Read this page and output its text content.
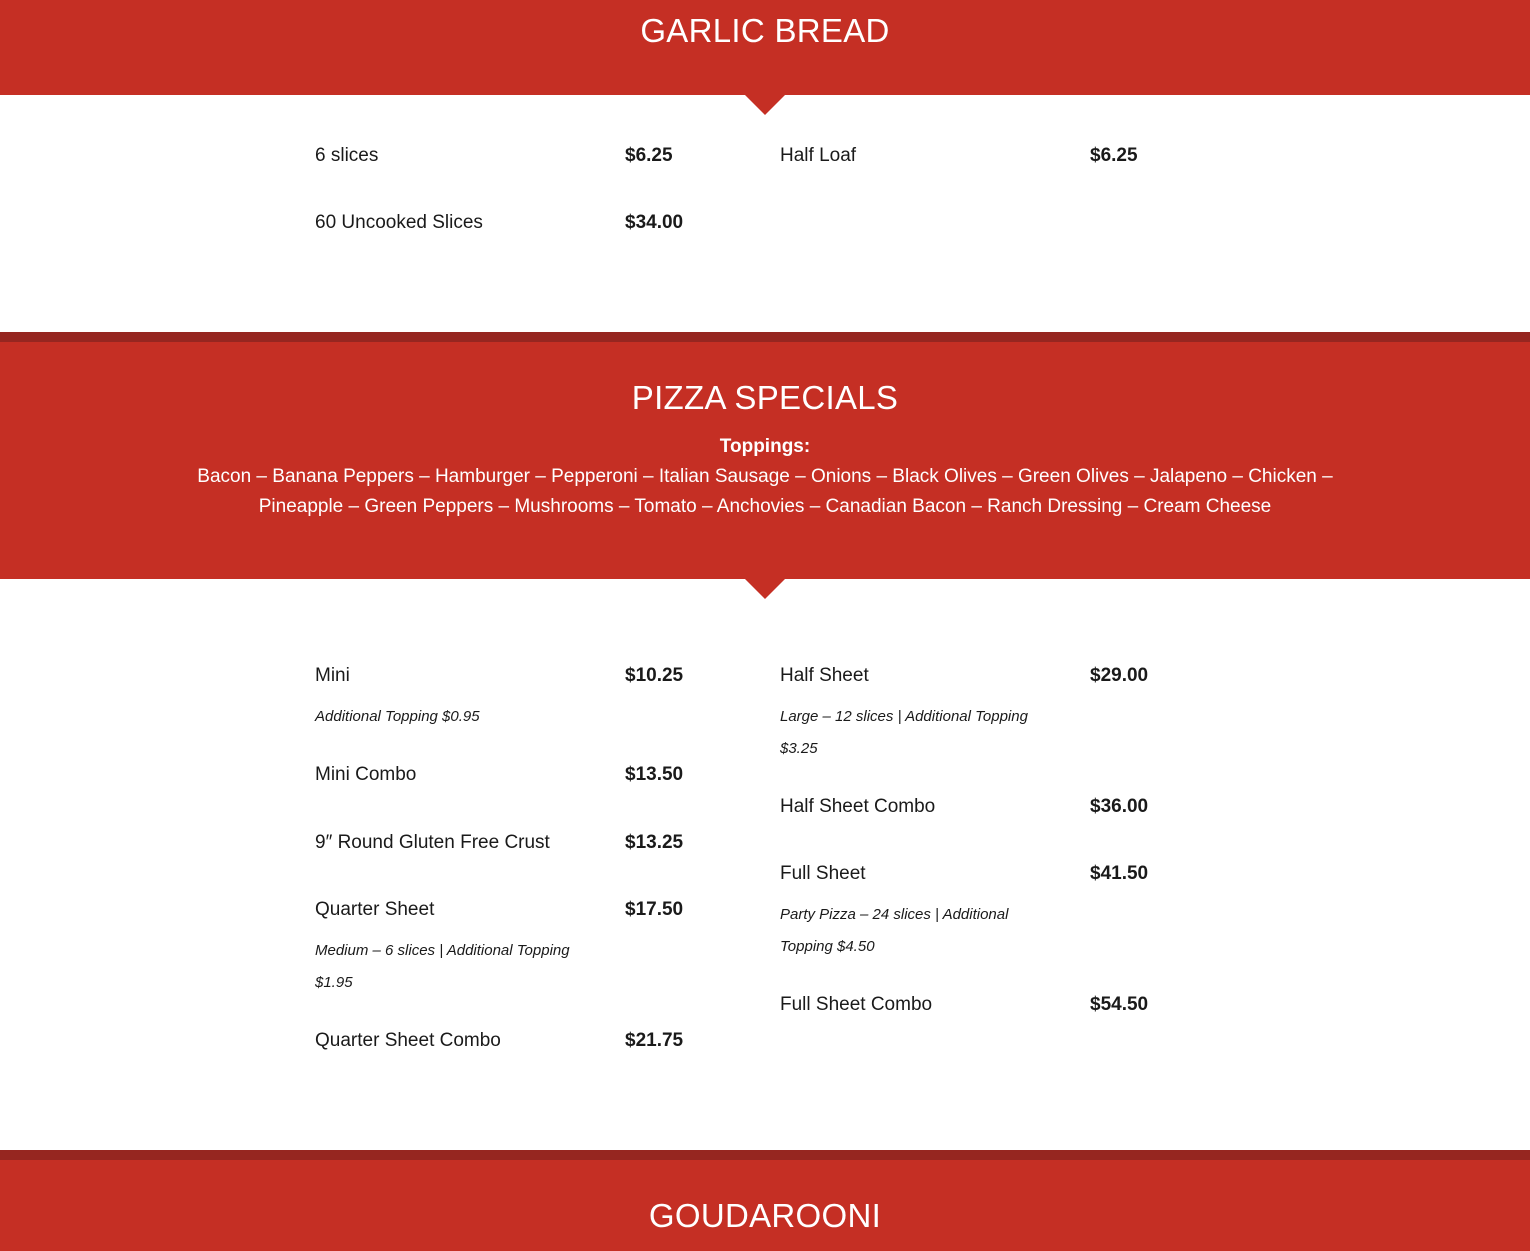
GARLIC BREAD
6 slices	$6.25	Half Loaf	$6.25
60 Uncooked Slices	$34.00
PIZZA SPECIALS
Toppings:
Bacon – Banana Peppers – Hamburger – Pepperoni – Italian Sausage – Onions – Black Olives – Green Olives – Jalapeno – Chicken – Pineapple – Green Peppers – Mushrooms – Tomato – Anchovies – Canadian Bacon – Ranch Dressing – Cream Cheese
Mini	$10.25
Additional Topping $0.95
Mini Combo	$13.50
9″ Round Gluten Free Crust	$13.25
Quarter Sheet	$17.50
Medium – 6 slices | Additional Topping $1.95
Quarter Sheet Combo	$21.75
Half Sheet	$29.00
Large – 12 slices | Additional Topping $3.25
Half Sheet Combo	$36.00
Full Sheet	$41.50
Party Pizza – 24 slices | Additional Topping $4.50
Full Sheet Combo	$54.50
GOUDAROONI
